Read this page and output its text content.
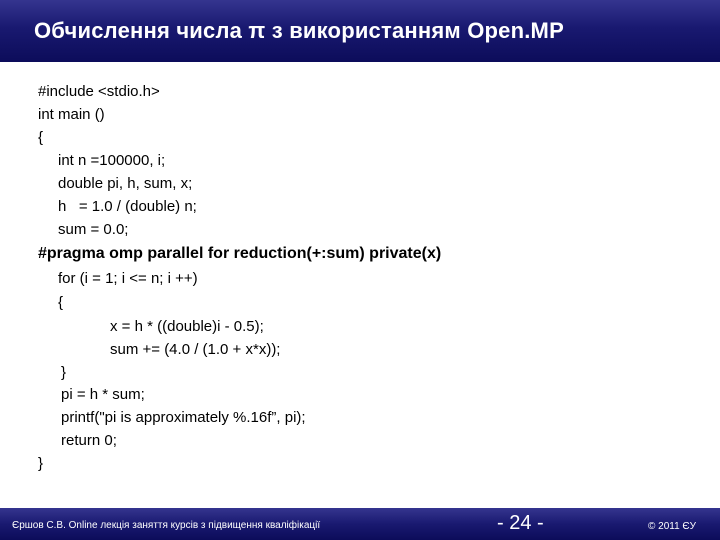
Обчислення числа π з використанням Open.MP
#include <stdio.h>
int main ()
{
int n =100000, i;
double pi, h, sum, x;
h   = 1.0 / (double) n;
sum = 0.0;
#pragma omp parallel for reduction(+:sum) private(x)
for (i = 1; i <= n; i ++)
{
x = h * ((double)i - 0.5);
sum += (4.0 / (1.0 + x*x));
}
pi = h * sum;
printf("pi is approximately %.16f”, pi);
return 0;
}
Єршов С.В. Online лекція заняття курсів з підвищення кваліфікації	- 24 -	© 2011 ЄУ
